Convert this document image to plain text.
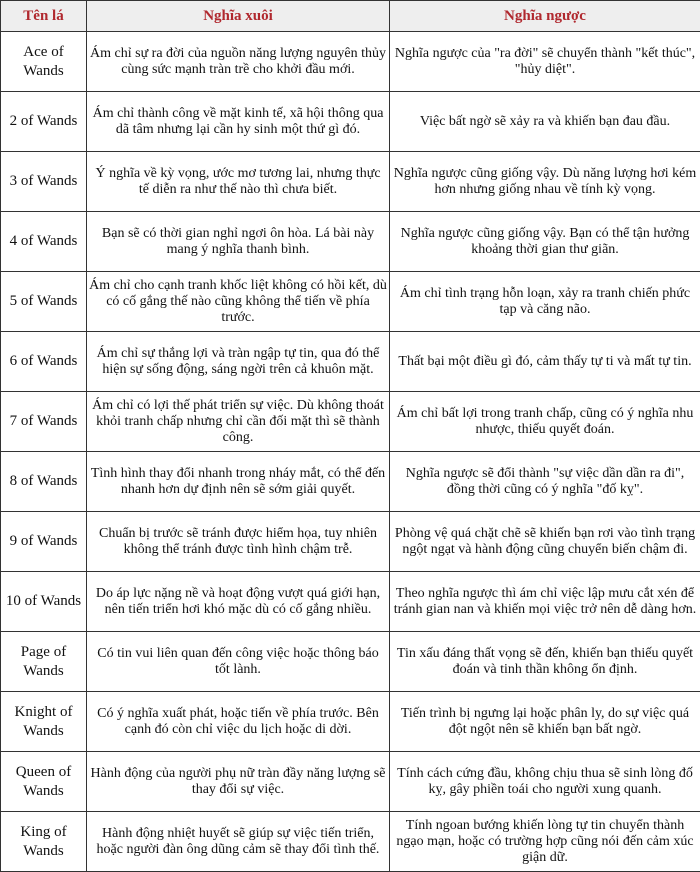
Tên lá	Nghĩa xuôi	Nghĩa ngược
Ace of Wands	Ám chỉ sự ra đời của nguồn năng lượng nguyên thủy cùng sức mạnh tràn trề cho khởi đầu mới.	Nghĩa ngược của "ra đời" sẽ chuyển thành "kết thúc", "hủy diệt".
2 of Wands	Ám chỉ thành công về mặt kinh tế, xã hội thông qua dã tâm nhưng lại cần hy sinh một thứ gì đó.	Việc bất ngờ sẽ xảy ra và khiến bạn đau đầu.
3 of Wands	Ý nghĩa về kỳ vọng, ước mơ tương lai, nhưng thực tế diễn ra như thế nào thì chưa biết.	Nghĩa ngược cũng giống vậy. Dù năng lượng hơi kém hơn nhưng giống nhau về tính kỳ vọng.
4 of Wands	Bạn sẽ có thời gian nghỉ ngơi ôn hòa. Lá bài này mang ý nghĩa thanh bình.	Nghĩa ngược cũng giống vậy. Bạn có thể tận hưởng khoảng thời gian thư giãn.
5 of Wands	Ám chỉ cho cạnh tranh khốc liệt không có hồi kết, dù có cố gắng thế nào cũng không thể tiến về phía trước.	Ám chỉ tình trạng hỗn loạn, xảy ra tranh chiến phức tạp và căng não.
6 of Wands	Ám chỉ sự thắng lợi và tràn ngập tự tin, qua đó thể hiện sự sống động, sáng ngời trên cả khuôn mặt.	Thất bại một điều gì đó, cảm thấy tự ti và mất tự tin.
7 of Wands	Ám chỉ có lợi thế phát triển sự việc. Dù không thoát khỏi tranh chấp nhưng chỉ cần đối mặt thì sẽ thành công.	Ám chỉ bất lợi trong tranh chấp, cũng có ý nghĩa nhu nhược, thiếu quyết đoán.
8 of Wands	Tình hình thay đổi nhanh trong nháy mắt, có thể đến nhanh hơn dự định nên sẽ sớm giải quyết.	Nghĩa ngược sẽ đổi thành "sự việc dần dần ra đi", đồng thời cũng có ý nghĩa "đố kỵ".
9 of Wands	Chuẩn bị trước sẽ tránh được hiểm họa, tuy nhiên không thể tránh được tình hình chậm trễ.	Phòng vệ quá chặt chẽ sẽ khiến bạn rơi vào tình trạng ngột ngạt và hành động cũng chuyển biến chậm đi.
10 of Wands	Do áp lực nặng nề và hoạt động vượt quá giới hạn, nên tiến triển hơi khó mặc dù có cố gắng nhiều.	Theo nghĩa ngược thì ám chỉ việc lập mưu cắt xén để tránh gian nan và khiến mọi việc trở nên dễ dàng hơn.
Page of Wands	Có tin vui liên quan đến công việc hoặc thông báo tốt lành.	Tin xấu đáng thất vọng sẽ đến, khiến bạn thiếu quyết đoán và tinh thần không ổn định.
Knight of Wands	Có ý nghĩa xuất phát, hoặc tiến về phía trước. Bên cạnh đó còn chỉ việc du lịch hoặc di dời.	Tiến trình bị ngưng lại hoặc phân ly, do sự việc quá đột ngột nên sẽ khiến bạn bất ngờ.
Queen of Wands	Hành động của người phụ nữ tràn đầy năng lượng sẽ thay đổi sự việc.	Tính cách cứng đầu, không chịu thua sẽ sinh lòng đố kỵ, gây phiền toái cho người xung quanh.
King of Wands	Hành động nhiệt huyết sẽ giúp sự việc tiến triển, hoặc người đàn ông dũng cảm sẽ thay đổi tình thế.	Tính ngoan bướng khiến lòng tự tin chuyển thành ngạo mạn, hoặc có trường hợp cũng nói đến cảm xúc giận dữ.
